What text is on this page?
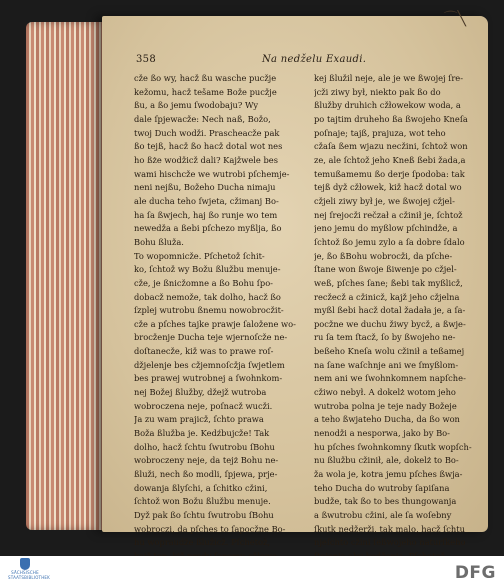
358	Na nedželu Exaudi.
⌒╲
cže ßo wy, hacž ßu wasche pucžje
kežomu, hacž tešame Bože pucžje
ßu, a ßo jemu ſwodobaju? Wy
dale ſpjewacže: Nech naß, Božo,
twoj Duch wodži. Prascheacže pak
ßo tejß, hacž ßo hacž dotal wot nes
ho ßże wodžicž dali? Kajžwele bes
wami hischcže we wutrobi pſchemje-
neni nejßu, Božeho Ducha nimaju
ale ducha teho ſwjeta, cžimanj Bo-
ha ſa ßwjech, haj ßo runje wo tem
newedža a ßebi pſchezo myßlja, ßo
Bohu ßluža.
To wopomnicže. Pſchetož ſchit-
ko, ſchtož wy Božu ßlužbu menuje-
cže, je ßnicžomne a ßo Bohu ſpo-
dobacž nemože, tak dolho, hacž ßo
ſzplej wutrobu ßnemu nowobrocžit-
cže a pſches tajke prawje ſaložene wo-
brocženje Ducha teje wjernoſcže ne-
doſtanecže, kiž was to prawe roſ-
džjelenje bes cžjemnoſcžja ſwjetlem
bes prawej wutrobnej a ſwohnkom-
nej Božej ßlužby, džejž wutroba
wobroczena neje, poſnacž wucži.
Ja zu wam prajicž, ſchto prawa
Boža ßlužba je. Kedźbujcže! Tak
dolho, hacž ſchtu ſwutrobu ſBohu
wobroczeny neje, da tejż Bohu ne-
ßluži, nech ßo modli, ſpjewa, prje-
dowanja ßlyſchi, a ſchitko cžini,
ſchtož won Božu ßlužbu menuje.
Dyž pak ßo ſchtu ſwutrobu ſBohu
wobroczi, da pſches to ſapocžne Bo-
hu wopraudže ßlužicž. Pſchetož,
kej ßlužil neje, ale je we ßwojej ſre-
jcži ziwy był, niekto pak ßo do
ßlužby druhich cžłowekow woda, a
po tajtim druheho ßa ßwojeho Kneſa
poſnaje; tajß, prajuza, wot teho
cžaſa ßem wjazu necžini, ſchtož won
ze, ale ſchtož jeho Kneß ßebi žada,a
temußamemu ßo derje ſpodoba: tak
tejß dyž cžłowek, kiž hacž dotal wo
cžjeli ziwy był je, we ßwojej cžjel-
nej ſrejocži rečzał a cžinił je, ſchtož
jeno jemu do myßlow pſchindže, a
ſchtož ßo jemu zylo a ſa dobre ſdalo
je, ßo ßBohu wobrocži, da pſche-
ſtane won ßwoje ßiwenje po cžjel-
weß, pſches ſane; ßebi tak myßlicž,
recžecž a cžinicž, kajž jeho cžjelna
myßl ßebi hacž dotal žadała je, a ſa-
pocžne we duchu žiwy bycž, a ßwje-
ru ſa tem ſtacž, ſo by ßwojeho ne-
beßeho Kneſa wolu cžinił a teßamej
na ſane waſchnje ani we ſmyßlom-
nem ani we ſwohnkomnem napſche-
cžiwo nebył. A dokelż wotom jeho
wutroba polna je teje nady Božeje
a teho ßwjateho Ducha, da ßo won
nenodži a nesporwa, jako by Bo-
hu pſches ſwohnkomny ſkutk wopſch-
nu ßlužbu cžinił, ale, dokelż to Bo-
ža wola je, kotra jemu pſches ßwja-
teho Ducha do wutroby ſapiſana
budže, tak ßo to bes thungowanja
a ßwutrobu cžini, ale ſa woſebny
ſkutk nedžerži, tak malo, hacž ſchtu
njeſchto cžini ſeßwojeho naturſkeho
SÄCHSISCHE STAATSBIBLIOTHEK	DFG
